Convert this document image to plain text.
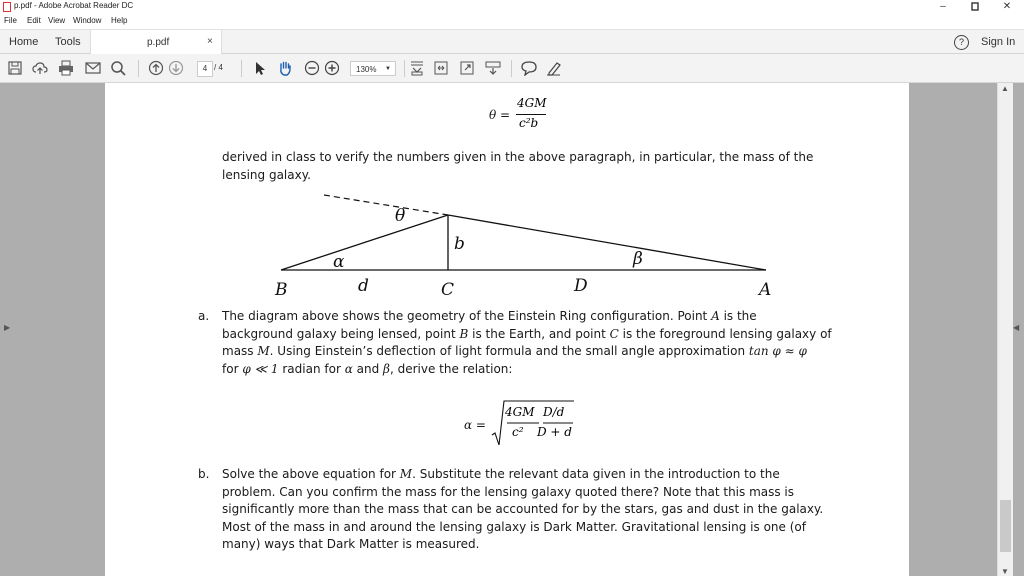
p.pdf - Adobe Acrobat Reader DC	–	✕
File Edit View Window Help
Home Tools	p.pdf	×	?	Sign In
4 / 4	130% ▼
▶	◀
θ =
4GM
c²b
derived in class to verify the numbers given in the above paragraph, in particular, the mass of the
lensing galaxy.
θ
b
α	β
B	d	C	D	A
a. The diagram above shows the geometry of the Einstein Ring configuration. Point A is the
background galaxy being lensed, point B is the Earth, and point C is the foreground lensing galaxy of
mass M. Using Einstein’s deflection of light formula and the small angle approximation tan φ ≈ φ
for φ ≪ 1 radian for α and β, derive the relation:
α =
4GM
c²
D/d
D + d
b. Solve the above equation for M. Substitute the relevant data given in the introduction to the
problem. Can you confirm the mass for the lensing galaxy quoted there? Note that this mass is
significantly more than the mass that can be accounted for by the stars, gas and dust in the galaxy.
Most of the mass in and around the lensing galaxy is Dark Matter. Gravitational lensing is one (of
many) ways that Dark Matter is measured.
▲
▼
